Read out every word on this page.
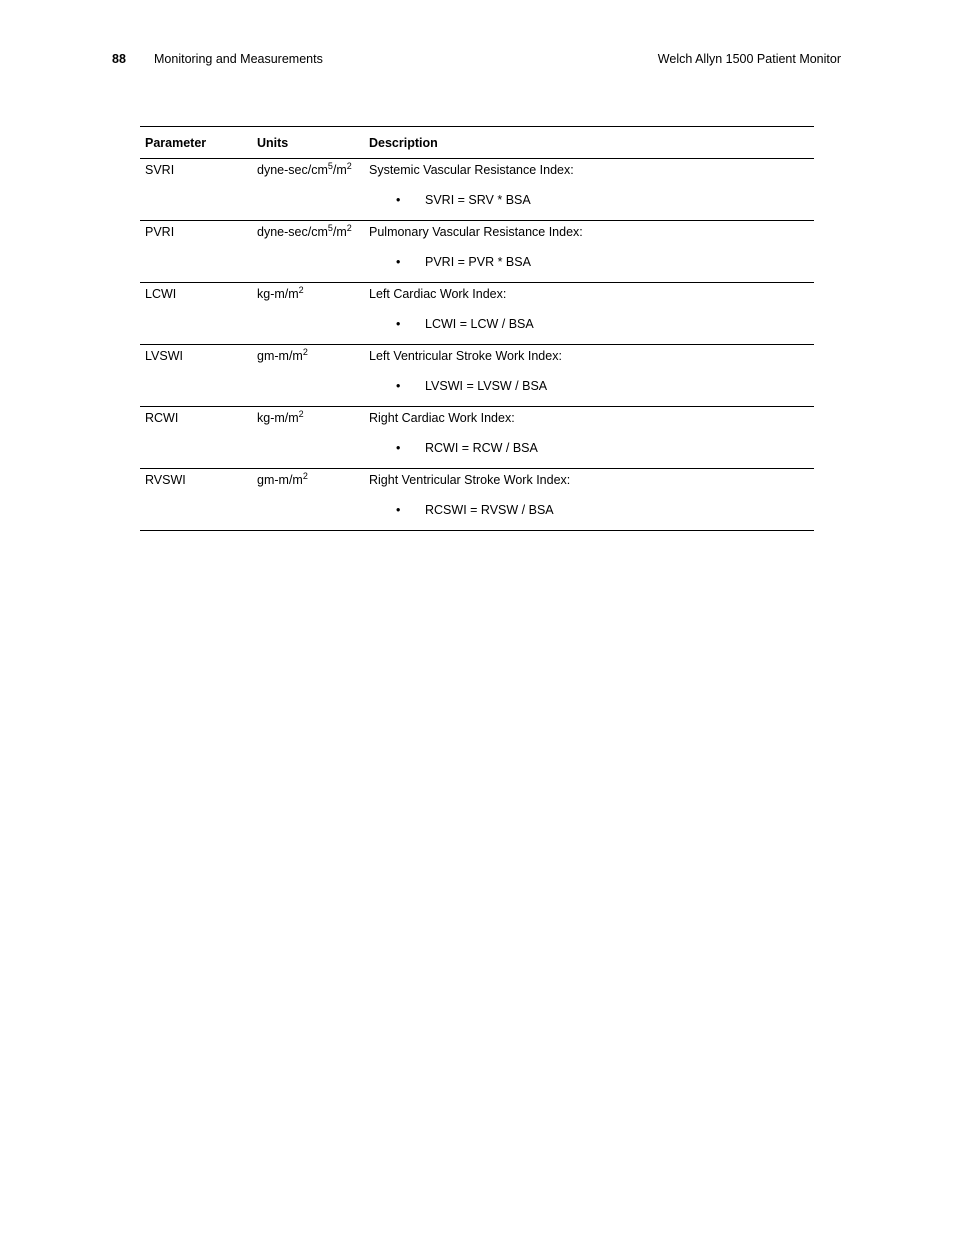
88 Monitoring and Measurements	Welch Allyn 1500 Patient Monitor
Parameter	Units	Description
SVRI	dyne-$\sec/cm^5/m^2$	Systemic Vascular Resistance Index:
• SVRI = SRV * BSA

PVRI	dyne-$\sec/cm^5/m^2$	Pulmonary Vascular Resistance Index:
• PVRI = PVR * BSA

LCWI	$kg-m/m^2$	Left Cardiac Work Index:
• LCWI = LCW / BSA

LVSWI	$gm-m/m^2$	Left Ventricular Stroke Work Index:
• LVSWI = LVSW / BSA

RCWI	$kg-m/m^2$	Right Cardiac Work Index:
• RCWI = RCW / BSA

RVSWI	$gm-m/m^2$	Right Ventricular Stroke Work Index:
• RCSWI = RVSW / BSA
